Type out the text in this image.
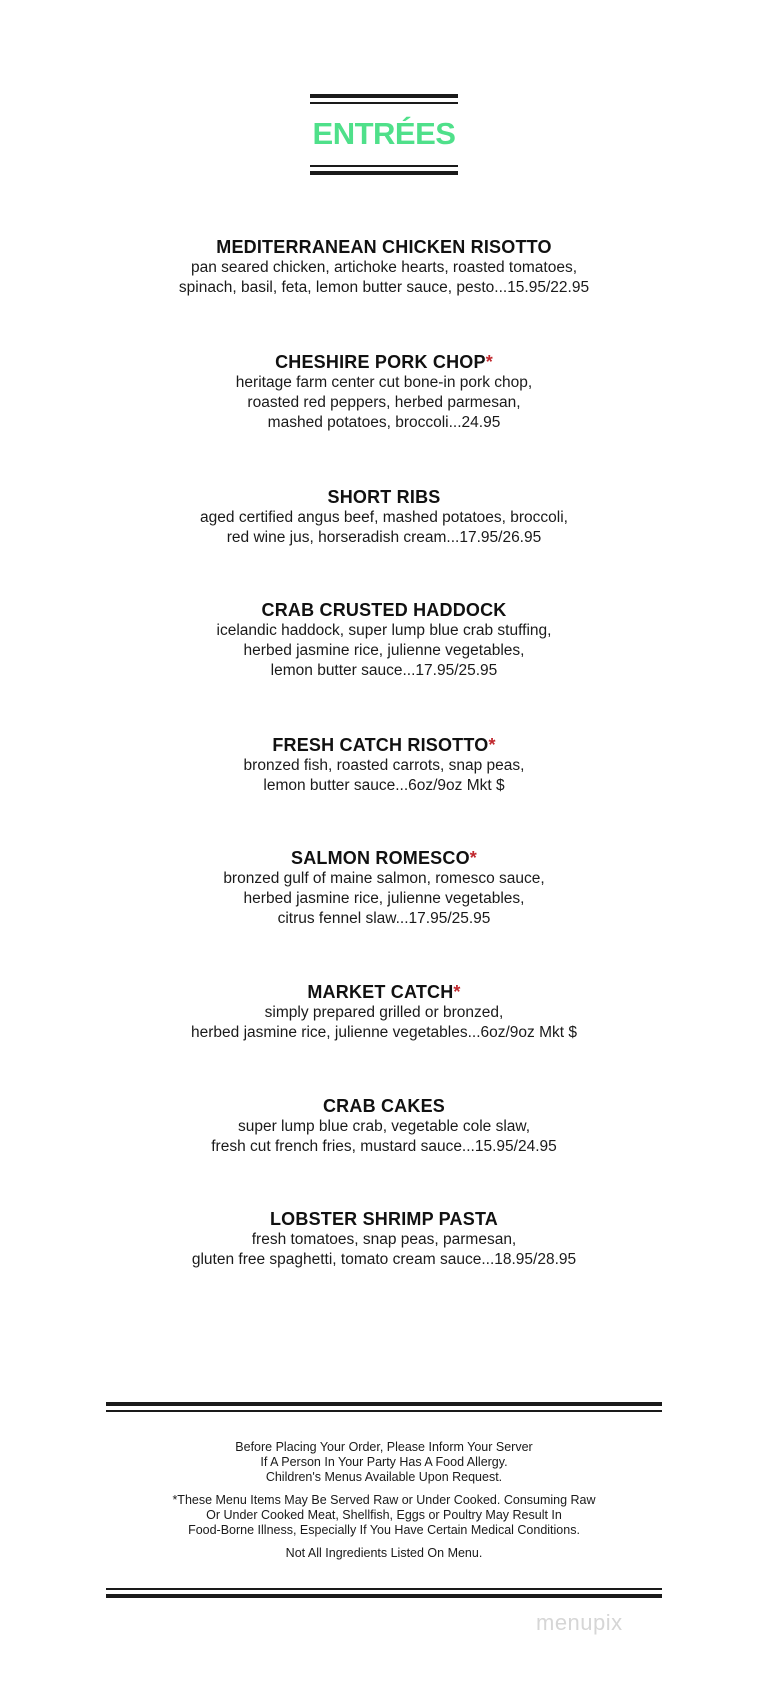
ENTRÉES
MEDITERRANEAN CHICKEN RISOTTO
pan seared chicken, artichoke hearts, roasted tomatoes,
spinach, basil, feta, lemon butter sauce, pesto...15.95/22.95
CHESHIRE PORK CHOP*
heritage farm center cut bone-in pork chop,
roasted red peppers, herbed parmesan,
mashed potatoes, broccoli...24.95
SHORT RIBS
aged certified angus beef, mashed potatoes, broccoli,
red wine jus, horseradish cream...17.95/26.95
CRAB CRUSTED HADDOCK
icelandic haddock, super lump blue crab stuffing,
herbed jasmine rice, julienne vegetables,
lemon butter sauce...17.95/25.95
FRESH CATCH RISOTTO*
bronzed fish, roasted carrots, snap peas,
lemon butter sauce...6oz/9oz Mkt $
SALMON ROMESCO*
bronzed gulf of maine salmon, romesco sauce,
herbed jasmine rice, julienne vegetables,
citrus fennel slaw...17.95/25.95
MARKET CATCH*
simply prepared grilled or bronzed,
herbed jasmine rice, julienne vegetables...6oz/9oz Mkt $
CRAB CAKES
super lump blue crab, vegetable cole slaw,
fresh cut french fries, mustard sauce...15.95/24.95
LOBSTER SHRIMP PASTA
fresh tomatoes, snap peas, parmesan,
gluten free spaghetti, tomato cream sauce...18.95/28.95

Before Placing Your Order, Please Inform Your Server
If A Person In Your Party Has A Food Allergy.
Children's Menus Available Upon Request.

*These Menu Items May Be Served Raw or Under Cooked. Consuming Raw
Or Under Cooked Meat, Shellfish, Eggs or Poultry May Result In
Food-Borne Illness, Especially If You Have Certain Medical Conditions.

Not All Ingredients Listed On Menu.

menupix
